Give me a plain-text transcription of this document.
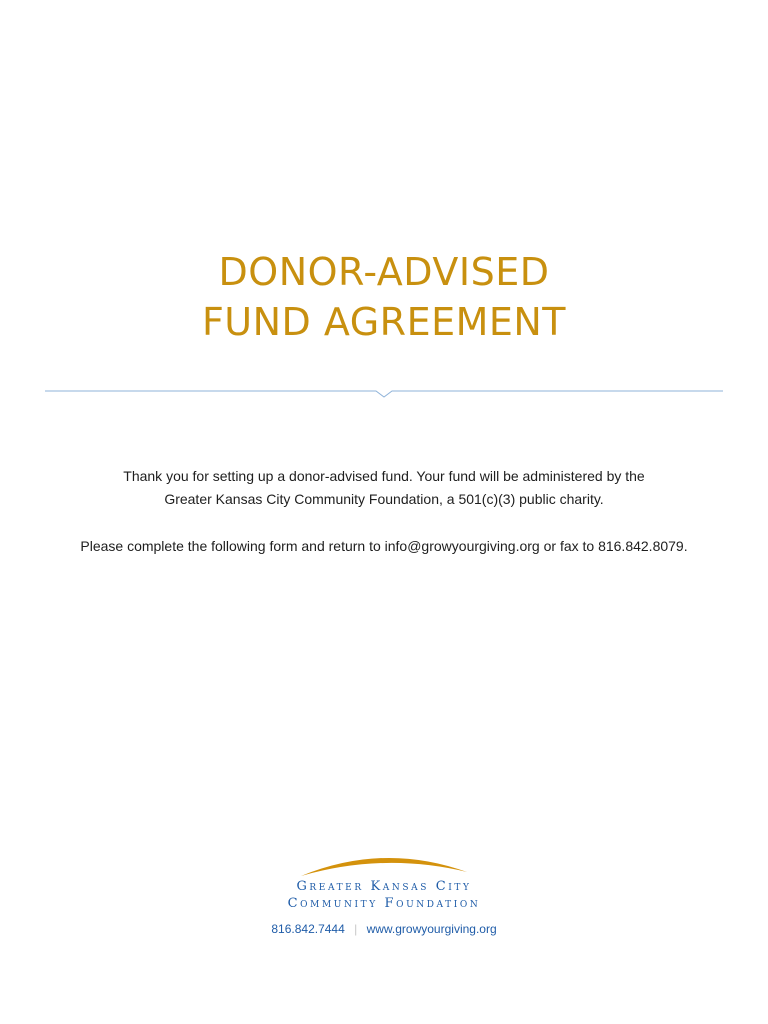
DONOR-ADVISED
FUND AGREEMENT

Thank you for setting up a donor-advised fund. Your fund will be administered by the

Greater Kansas City Community Foundation, a 501(c)(3) public charity.

Please complete the following form and return to info@growyourgiving.org or fax to 816.842.8079.

Greater Kansas City
Community Foundation
816.842.7444 | www.growyourgiving.org
